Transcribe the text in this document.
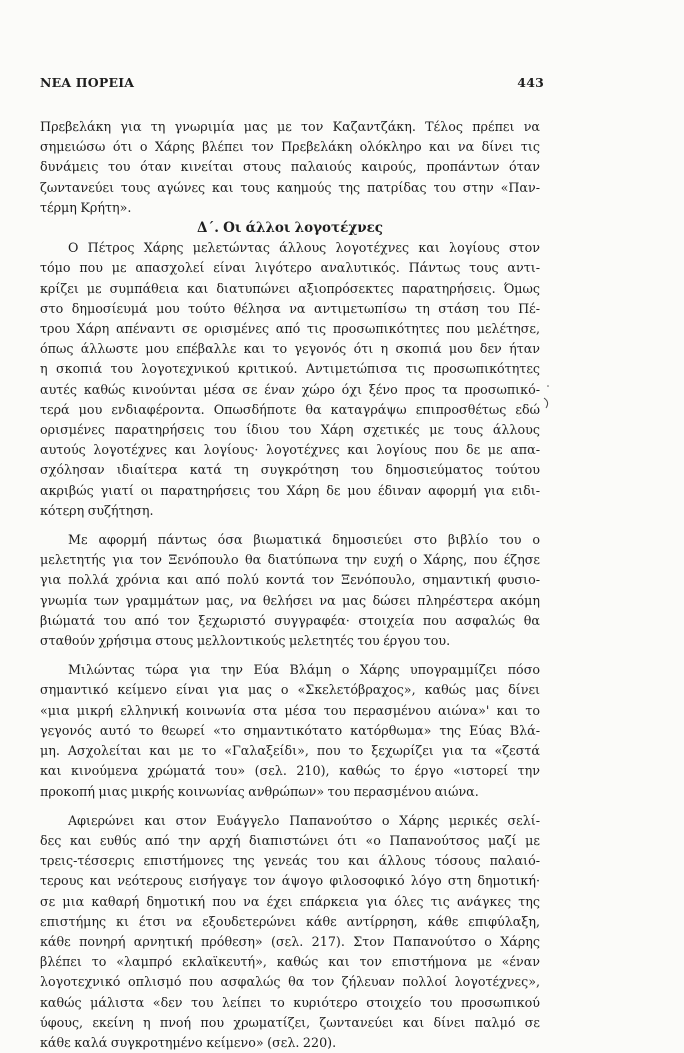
ΝΕΑ ΠΟΡΕΙΑ	443

Πρεβελάκη για τη γνωριμία μας με τον Καζαντζάκη. Τέλος πρέπει να
σημειώσω ότι ο Χάρης βλέπει τον Πρεβελάκη ολόκληρο και να δίνει τις
δυνάμεις του όταν κινείται στους παλαιούς καιρούς, προπάντων όταν
ζωντανεύει τους αγώνες και τους καημούς της πατρίδας του στην «Παν-
τέρμη Κρήτη».

Δ΄. Οι άλλοι λογοτέχνες

Ο Πέτρος Χάρης μελετώντας άλλους λογοτέχνες και λογίους στον
τόμο που με απασχολεί είναι λιγότερο αναλυτικός. Πάντως τους αντι-
κρίζει με συμπάθεια και διατυπώνει αξιοπρόσεκτες παρατηρήσεις. Όμως
στο δημοσίευμά μου τούτο θέλησα να αντιμετωπίσω τη στάση του Πέ-
τρου Χάρη απέναντι σε ορισμένες από τις προσωπικότητες που μελέτησε,
όπως άλλωστε μου επέβαλλε και το γεγονός ότι η σκοπιά μου δεν ήταν
η σκοπιά του λογοτεχνικού κριτικού. Αντιμετώπισα τις προσωπικότητες
αυτές καθώς κινούνται μέσα σε έναν χώρο όχι ξένο προς τα προσωπικό-
τερά μου ενδιαφέροντα. Οπωσδήποτε θα καταγράψω επιπροσθέτως εδώ
ορισμένες παρατηρήσεις του ίδιου του Χάρη σχετικές με τους άλλους
αυτούς λογοτέχνες και λογίους· λογοτέχνες και λογίους που δε με απα-
σχόλησαν ιδιαίτερα κατά τη συγκρότηση του δημοσιεύματος τούτου
ακριβώς γιατί οι παρατηρήσεις του Χάρη δε μου έδιναν αφορμή για ειδι-
κότερη συζήτηση.

Με αφορμή πάντως όσα βιωματικά δημοσιεύει στο βιβλίο του ο
μελετητής για τον Ξενόπουλο θα διατύπωνα την ευχή ο Χάρης, που έζησε
για πολλά χρόνια και από πολύ κοντά τον Ξενόπουλο, σημαντική φυσιο-
γνωμία των γραμμάτων μας, να θελήσει να μας δώσει πληρέστερα ακόμη
βιώματά του από τον ξεχωριστό συγγραφέα· στοιχεία που ασφαλώς θα
σταθούν χρήσιμα στους μελλοντικούς μελετητές του έργου του.

Μιλώντας τώρα για την Εύα Βλάμη ο Χάρης υπογραμμίζει πόσο
σημαντικό κείμενο είναι για μας ο «Σκελετόβραχος», καθώς μας δίνει
«μια μικρή ελληνική κοινωνία στα μέσα του περασμένου αιώνα»' και το
γεγονός αυτό το θεωρεί «το σημαντικότατο κατόρθωμα» της Εύας Βλά-
μη. Ασχολείται και με το «Γαλαξείδι», που το ξεχωρίζει για τα «ζεστά
και κινούμενα χρώματά του» (σελ. 210), καθώς το έργο «ιστορεί την
προκοπή μιας μικρής κοινωνίας ανθρώπων» του περασμένου αιώνα.

Αφιερώνει και στον Ευάγγελο Παπανούτσο ο Χάρης μερικές σελί-
δες και ευθύς από την αρχή διαπιστώνει ότι «ο Παπανούτσος μαζί με
τρεις-τέσσερις επιστήμονες της γενεάς του και άλλους τόσους παλαιό-
τερους και νεότερους εισήγαγε τον άψογο φιλοσοφικό λόγο στη δημοτική·
σε μια καθαρή δημοτική που να έχει επάρκεια για όλες τις ανάγκες της
επιστήμης κι έτσι να εξουδετερώνει κάθε αντίρρηση, κάθε επιφύλαξη,
κάθε πονηρή αρνητική πρόθεση» (σελ. 217). Στον Παπανούτσο ο Χάρης
βλέπει το «λαμπρό εκλαϊκευτή», καθώς και τον επιστήμονα με «έναν
λογοτεχνικό οπλισμό που ασφαλώς θα τον ζήλευαν πολλοί λογοτέχνες»,
καθώς μάλιστα «δεν του λείπει το κυριότερο στοιχείο του προσωπικού
ύφους, εκείνη η πνοή που χρωματίζει, ζωντανεύει και δίνει παλμό σε
κάθε καλά συγκροτημένο κείμενο» (σελ. 220).
